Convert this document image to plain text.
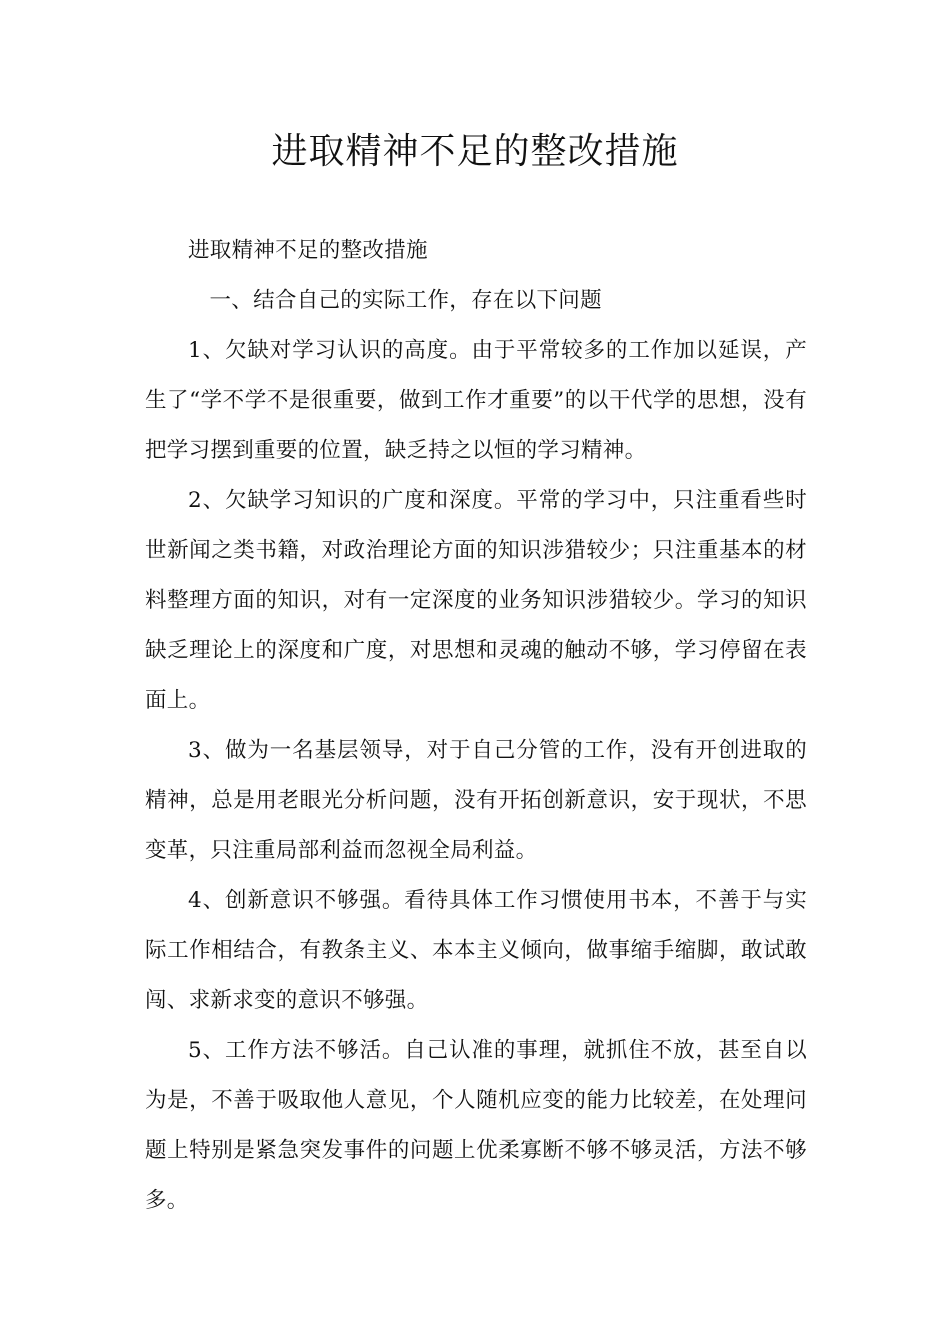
进取精神不足的整改措施

进取精神不足的整改措施

一、结合自己的实际工作，存在以下问题

1、欠缺对学习认识的高度。由于平常较多的工作加以延误，产生了“学不学不是很重要，做到工作才重要”的以干代学的思想，没有把学习摆到重要的位置，缺乏持之以恒的学习精神。

2、欠缺学习知识的广度和深度。平常的学习中，只注重看些时世新闻之类书籍，对政治理论方面的知识涉猎较少；只注重基本的材料整理方面的知识，对有一定深度的业务知识涉猎较少。学习的知识缺乏理论上的深度和广度，对思想和灵魂的触动不够，学习停留在表面上。

3、做为一名基层领导，对于自己分管的工作，没有开创进取的精神，总是用老眼光分析问题，没有开拓创新意识，安于现状，不思变革，只注重局部利益而忽视全局利益。

4、创新意识不够强。看待具体工作习惯使用书本，不善于与实际工作相结合，有教条主义、本本主义倾向，做事缩手缩脚，敢试敢闯、求新求变的意识不够强。

5、工作方法不够活。自己认准的事理，就抓住不放，甚至自以为是，不善于吸取他人意见，个人随机应变的能力比较差，在处理问题上特别是紧急突发事件的问题上优柔寡断不够不够灵活，方法不够多。
